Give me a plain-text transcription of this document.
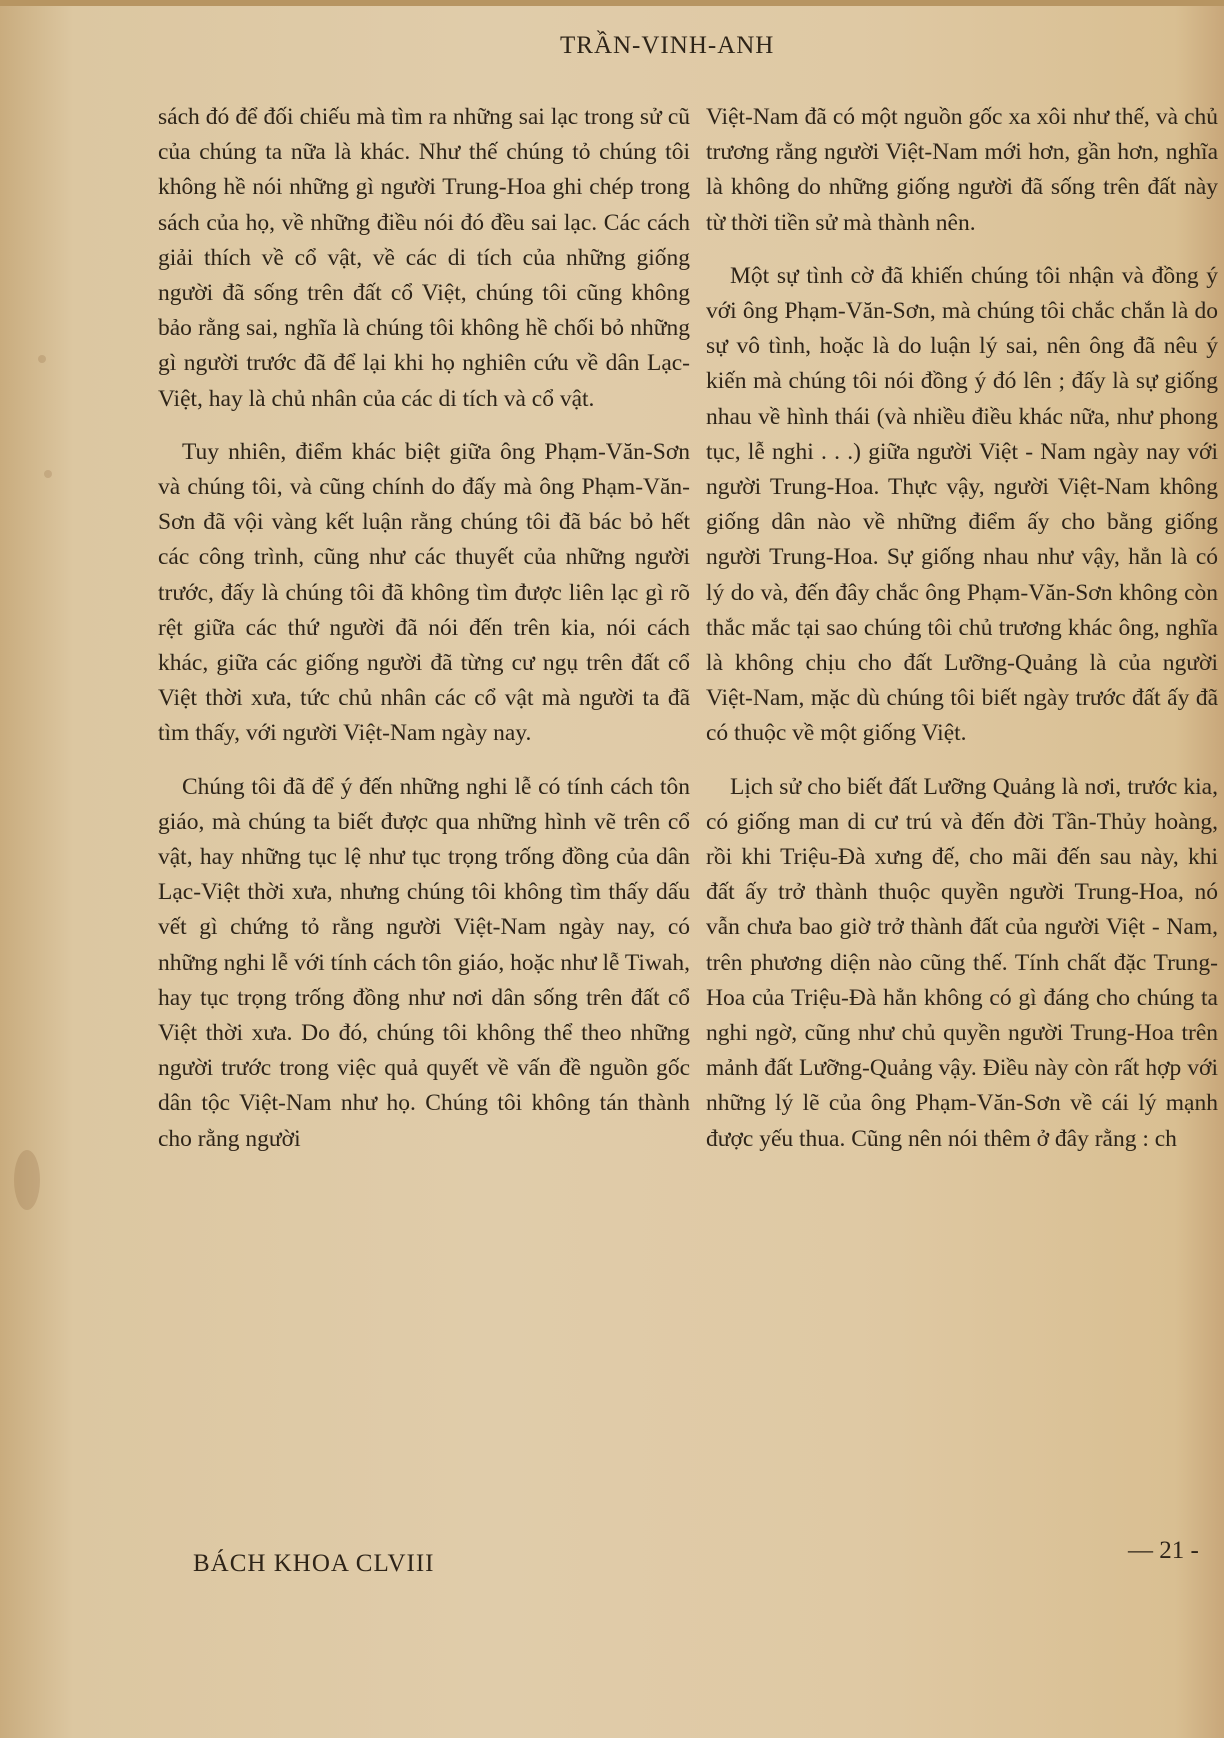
TRẦN-VINH-ANH

sách đó để đối chiếu mà tìm ra những sai lạc trong sử cũ của chúng ta nữa là khác. Như thế chúng tỏ chúng tôi không hề nói những gì người Trung-Hoa ghi chép trong sách của họ, về những điều nói đó đều sai lạc. Các cách giải thích về cổ vật, về các di tích của những giống người đã sống trên đất cổ Việt, chúng tôi cũng không bảo rằng sai, nghĩa là chúng tôi không hề chối bỏ những gì người trước đã để lại khi họ nghiên cứu về dân Lạc-Việt, hay là chủ nhân của các di tích và cổ vật.

Tuy nhiên, điểm khác biệt giữa ông Phạm-Văn-Sơn và chúng tôi, và cũng chính do đấy mà ông Phạm-Văn-Sơn đã vội vàng kết luận rằng chúng tôi đã bác bỏ hết các công trình, cũng như các thuyết của những người trước, đấy là chúng tôi đã không tìm được liên lạc gì rõ rệt giữa các thứ người đã nói đến trên kia, nói cách khác, giữa các giống người đã từng cư ngụ trên đất cổ Việt thời xưa, tức chủ nhân các cổ vật mà người ta đã tìm thấy, với người Việt-Nam ngày nay.

Chúng tôi đã để ý đến những nghi lễ có tính cách tôn giáo, mà chúng ta biết được qua những hình vẽ trên cổ vật, hay những tục lệ như tục trọng trống đồng của dân Lạc-Việt thời xưa, nhưng chúng tôi không tìm thấy dấu vết gì chứng tỏ rằng người Việt-Nam ngày nay, có những nghi lễ với tính cách tôn giáo, hoặc như lễ Tiwah, hay tục trọng trống đồng như nơi dân sống trên đất cổ Việt thời xưa. Do đó, chúng tôi không thể theo những người trước trong việc quả quyết về vấn đề nguồn gốc dân tộc Việt-Nam như họ. Chúng tôi không tán thành cho rằng người

Việt-Nam đã có một nguồn gốc xa xôi như thế, và chủ trương rằng người Việt-Nam mới hơn, gần hơn, nghĩa là không do những giống người đã sống trên đất này từ thời tiền sử mà thành nên.

Một sự tình cờ đã khiến chúng tôi nhận và đồng ý với ông Phạm-Văn-Sơn, mà chúng tôi chắc chắn là do sự vô tình, hoặc là do luận lý sai, nên ông đã nêu ý kiến mà chúng tôi nói đồng ý đó lên ; đấy là sự giống nhau về hình thái (và nhiều điều khác nữa, như phong tục, lễ nghi . . .) giữa người Việt - Nam ngày nay với người Trung-Hoa. Thực vậy, người Việt-Nam không giống dân nào về những điểm ấy cho bằng giống người Trung-Hoa. Sự giống nhau như vậy, hẳn là có lý do và, đến đây chắc ông Phạm-Văn-Sơn không còn thắc mắc tại sao chúng tôi chủ trương khác ông, nghĩa là không chịu cho đất Lưỡng-Quảng là của người Việt-Nam, mặc dù chúng tôi biết ngày trước đất ấy đã có thuộc về một giống Việt.

Lịch sử cho biết đất Lưỡng Quảng là nơi, trước kia, có giống man di cư trú và đến đời Tần-Thủy hoàng, rồi khi Triệu-Đà xưng đế, cho mãi đến sau này, khi đất ấy trở thành thuộc quyền người Trung-Hoa, nó vẫn chưa bao giờ trở thành đất của người Việt - Nam, trên phương diện nào cũng thế. Tính chất đặc Trung-Hoa của Triệu-Đà hẳn không có gì đáng cho chúng ta nghi ngờ, cũng như chủ quyền người Trung-Hoa trên mảnh đất Lưỡng-Quảng vậy. Điều này còn rất hợp với những lý lẽ của ông Phạm-Văn-Sơn về cái lý mạnh được yếu thua. Cũng nên nói thêm ở đây rằng : ch

BÁCH KHOA CLVIII	— 21 -
